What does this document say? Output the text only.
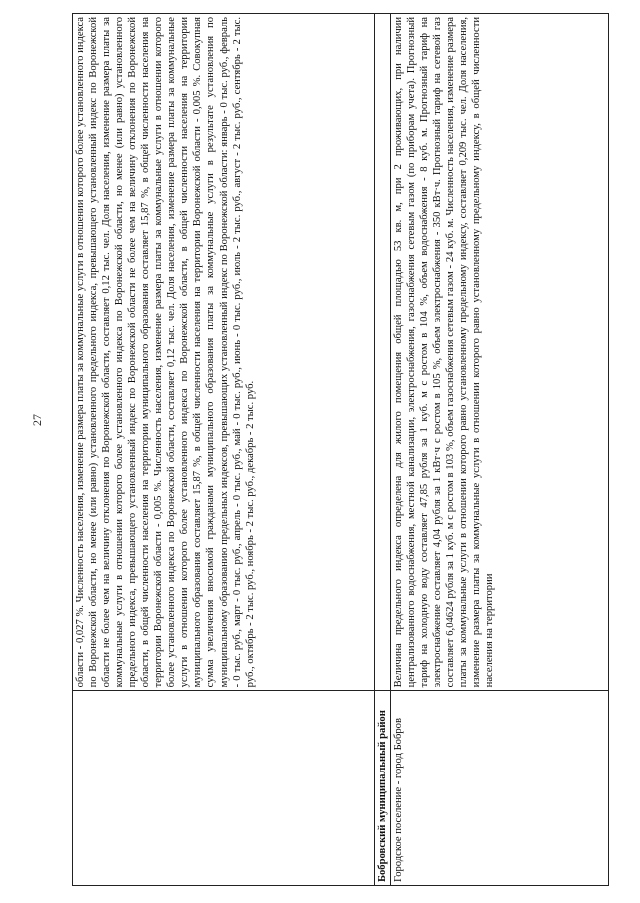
27
		области - 0,027 %. Численность населения, изменение размера платы за коммунальные услуги в отношении которого более установленного индекса по Воронежской области, но менее (или равно) установленного предельного индекса, превышающего установленный индекс по Воронежской области не более чем на величину отклонения по Воронежской области, составляет 0,12 тыс. чел. Доля населения, изменение размера платы за коммунальные услуги в отношении которого более установленного индекса по Воронежской области, но менее (или равно) установленного предельного индекса, превышающего установленный индекс по Воронежской области не более чем на величину отклонения по Воронежской области, в общей численности населения на территории муниципального образования составляет 15,87 %, в общей численности населения на территории Воронежской области - 0,005 %. Численность населения, изменение размера платы за коммунальные услуги в отношении которого более установленного индекса по Воронежской области, составляет 0,12 тыс. чел. Доля населения, изменение размера платы за коммунальные услуги в отношении которого более установленного индекса по Воронежской области, в общей численности населения на территории муниципального образования составляет 15,87 %, в общей численности населения на территории Воронежской области - 0,005 %. Совокупная сумма увеличения вносимой гражданами муниципального образования платы за коммунальные услуги в результате установления по муниципальному образованию предельных индексов, превышающих установленный индекс по Воронежской области: январь - 0 тыс. руб., февраль - 0 тыс. руб., март - 0 тыс. руб., апрель - 0 тыс. руб., май - 0 тыс. руб., июнь - 0 тыс. руб., июль - 2 тыс. руб., август - 2 тыс. руб., сентябрь - 2 тыс. руб., октябрь - 2 тыс. руб., ноябрь - 2 тыс. руб., декабрь - 2 тыс. руб.
Бобровский муниципальный район	
Городское поселение - город Бобров	Величина предельного индекса определена для жилого помещения общей площадью 53 кв. м, при 2 проживающих, при наличии централизованного водоснабжения, местной канализации, электроснабжения, газоснабжения сетевым газом (по приборам учета). Прогнозный тариф на холодную воду составляет 47,85 рубля за 1 куб. м с ростом в 104 %, объем водоснабжения - 8 куб. м. Прогнозный тариф на электроснабжение составляет 4,04 рубля за 1 кВт·ч с ростом в 105 %, объем электроснабжения - 350 кВт·ч. Прогнозный тариф на сетевой газ составляет 6,04624 рубля за 1 куб. м с ростом в 103 %, объем газоснабжения сетевым газом - 24 куб. м. Численность населения, изменение размера платы за коммунальные услуги в отношении которого равно установленному предельному индексу, составляет 0,209 тыс. чел. Доля населения, изменение размера платы за коммунальные услуги в отношении которого равно установленному предельному индексу, в общей численности населения на территории
